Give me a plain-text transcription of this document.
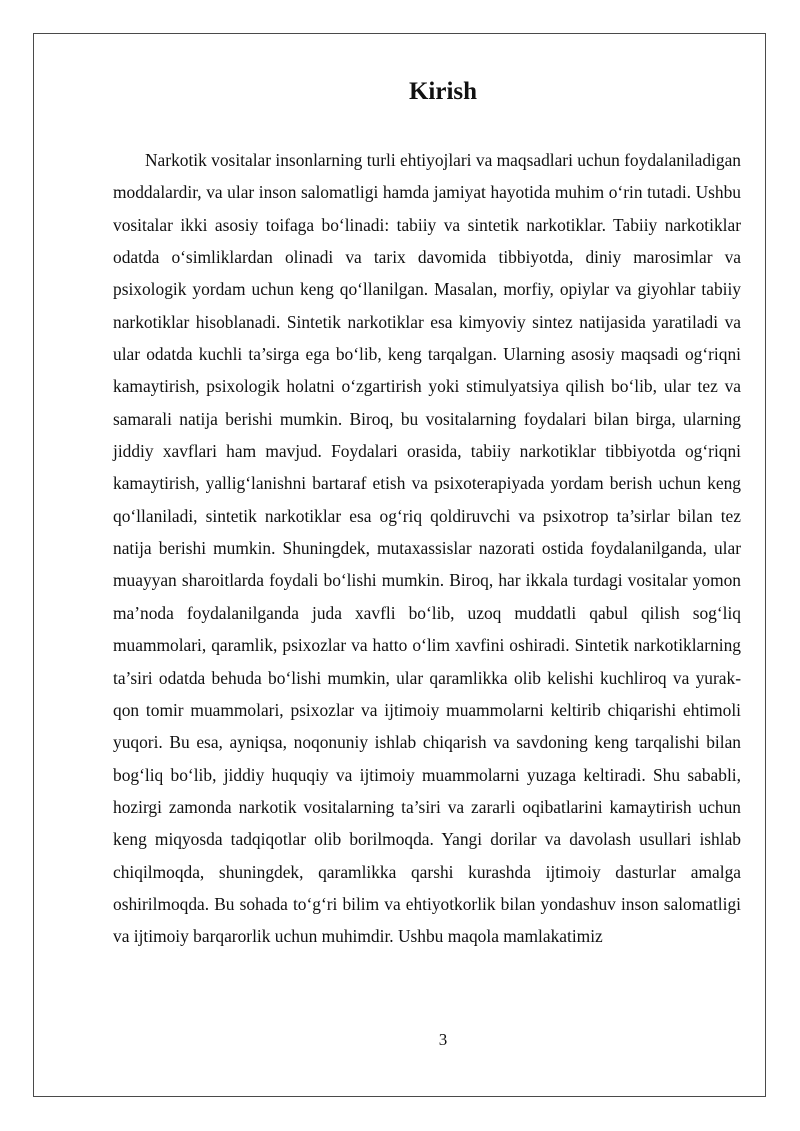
Kirish

Narkotik vositalar insonlarning turli ehtiyojlari va maqsadlari uchun foydalaniladigan moddalardir, va ular inson salomatligi hamda jamiyat hayotida muhim o‘rin tutadi. Ushbu vositalar ikki asosiy toifaga bo‘linadi: tabiiy va sintetik narkotiklar. Tabiiy narkotiklar odatda o‘simliklardan olinadi va tarix davomida tibbiyotda, diniy marosimlar va psixologik yordam uchun keng qo‘llanilgan. Masalan, morfiy, opiylar va giyohlar tabiiy narkotiklar hisoblanadi. Sintetik narkotiklar esa kimyoviy sintez natijasida yaratiladi va ular odatda kuchli ta’sirga ega bo‘lib, keng tarqalgan. Ularning asosiy maqsadi og‘riqni kamaytirish, psixologik holatni o‘zgartirish yoki stimulyatsiya qilish bo‘lib, ular tez va samarali natija berishi mumkin. Biroq, bu vositalarning foydalari bilan birga, ularning jiddiy xavflari ham mavjud. Foydalari orasida, tabiiy narkotiklar tibbiyotda og‘riqni kamaytirish, yallig‘lanishni bartaraf etish va psixoterapiyada yordam berish uchun keng qo‘llaniladi, sintetik narkotiklar esa og‘riq qoldiruvchi va psixotrop ta’sirlar bilan tez natija berishi mumkin. Shuningdek, mutaxassislar nazorati ostida foydalanilganda, ular muayyan sharoitlarda foydali bo‘lishi mumkin. Biroq, har ikkala turdagi vositalar yomon ma’noda foydalanilganda juda xavfli bo‘lib, uzoq muddatli qabul qilish sog‘liq muammolari, qaramlik, psixozlar va hatto o‘lim xavfini oshiradi. Sintetik narkotiklarning ta’siri odatda behuda bo‘lishi mumkin, ular qaramlikka olib kelishi kuchliroq va yurak-qon tomir muammolari, psixozlar va ijtimoiy muammolarni keltirib chiqarishi ehtimoli yuqori. Bu esa, ayniqsa, noqonuniy ishlab chiqarish va savdoning keng tarqalishi bilan bog‘liq bo‘lib, jiddiy huquqiy va ijtimoiy muammolarni yuzaga keltiradi. Shu sababli, hozirgi zamonda narkotik vositalarning ta’siri va zararli oqibatlarini kamaytirish uchun keng miqyosda tadqiqotlar olib borilmoqda. Yangi dorilar va davolash usullari ishlab chiqilmoqda, shuningdek, qaramlikka qarshi kurashda ijtimoiy dasturlar amalga oshirilmoqda. Bu sohada to‘g‘ri bilim va ehtiyotkorlik bilan yondashuv inson salomatligi va ijtimoiy barqarorlik uchun muhimdir. Ushbu maqola mamlakatimiz

3
